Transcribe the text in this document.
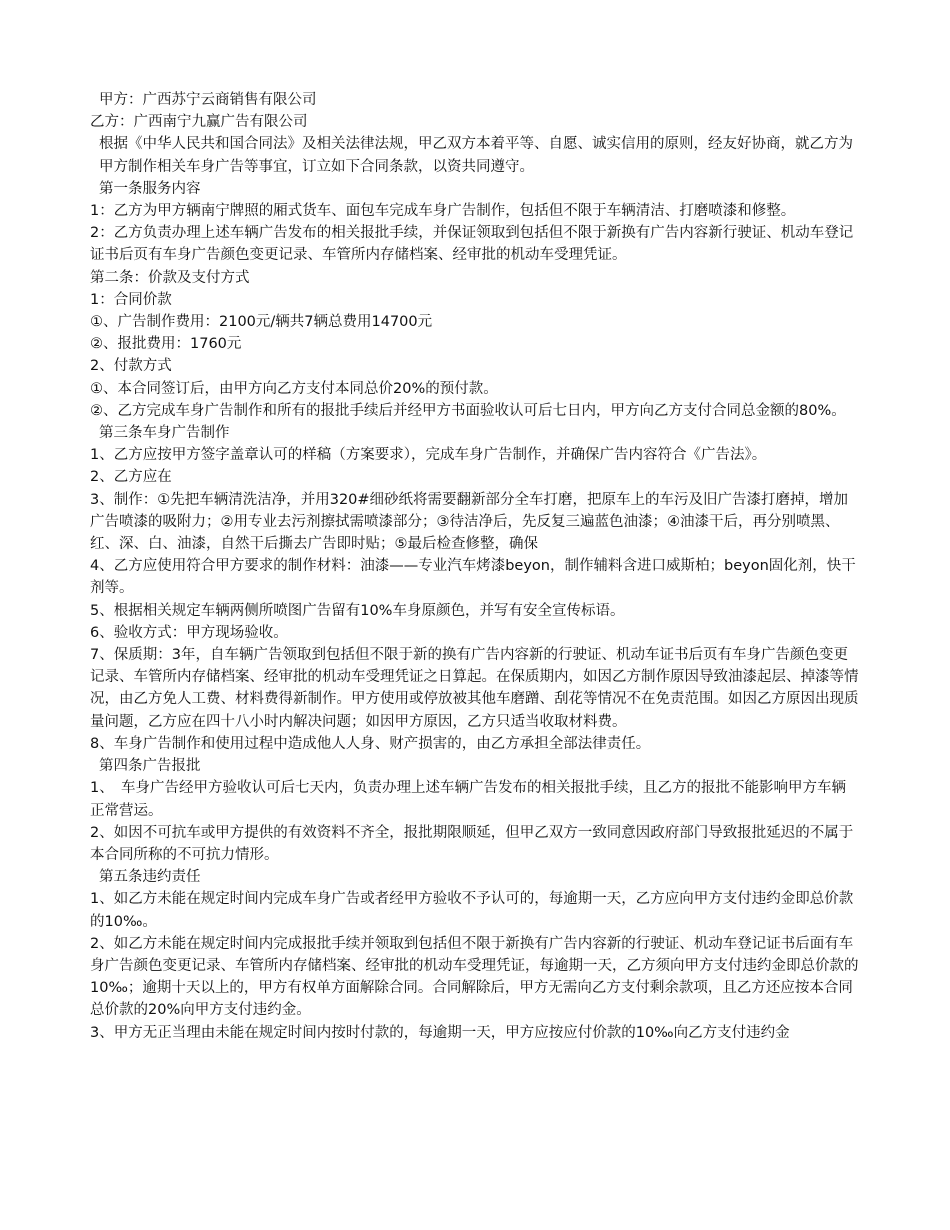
甲方：广西苏宁云商销售有限公司

乙方：广西南宁九赢广告有限公司

根据《中华人民共和国合同法》及相关法律法规，甲乙双方本着平等、自愿、诚实信用的原则，经友好协商，就乙方为甲方制作相关车身广告等事宜，订立如下合同条款，以资共同遵守。

第一条服务内容

1：乙方为甲方辆南宁牌照的厢式货车、面包车完成车身广告制作，包括但不限于车辆清洁、打磨喷漆和修整。

2：乙方负责办理上述车辆广告发布的相关报批手续，并保证领取到包括但不限于新换有广告内容新行驶证、机动车登记证书后页有车身广告颜色变更记录、车管所内存储档案、经审批的机动车受理凭证。

第二条：价款及支付方式

1：合同价款

①、广告制作费用：2100元/辆共7辆总费用14700元

②、报批费用：1760元

2、付款方式

①、本合同签订后，由甲方向乙方支付本同总价20%的预付款。

②、乙方完成车身广告制作和所有的报批手续后并经甲方书面验收认可后七日内，甲方向乙方支付合同总金额的80%。

第三条车身广告制作

1、乙方应按甲方签字盖章认可的样稿（方案要求），完成车身广告制作，并确保广告内容符合《广告法》。

2、乙方应在

3、制作：①先把车辆清洗洁净，并用320#细砂纸将需要翻新部分全车打磨，把原车上的车污及旧广告漆打磨掉，增加广告喷漆的吸附力；②用专业去污剂擦拭需喷漆部分；③待洁净后，先反复三遍蓝色油漆；④油漆干后，再分别喷黑、红、深、白、油漆，自然干后撕去广告即时贴；⑤最后检查修整，确保

4、乙方应使用符合甲方要求的制作材料：油漆——专业汽车烤漆beyon，制作辅料含进口威斯柏；beyon固化剂，快干剂等。

5、根据相关规定车辆两侧所喷图广告留有10%车身原颜色，并写有安全宣传标语。

6、验收方式：甲方现场验收。

7、保质期：3年，自车辆广告领取到包括但不限于新的换有广告内容新的行驶证、机动车证书后页有车身广告颜色变更记录、车管所内存储档案、经审批的机动车受理凭证之日算起。在保质期内，如因乙方制作原因导致油漆起层、掉漆等情况，由乙方免人工费、材料费得新制作。甲方使用或停放被其他车磨蹭、刮花等情况不在免责范围。如因乙方原因出现质量问题，乙方应在四十八小时内解决问题；如因甲方原因，乙方只适当收取材料费。

8、车身广告制作和使用过程中造成他人人身、财产损害的，由乙方承担全部法律责任。

第四条广告报批

1、　车身广告经甲方验收认可后七天内，负责办理上述车辆广告发布的相关报批手续，且乙方的报批不能影响甲方车辆正常营运。

2、如因不可抗车或甲方提供的有效资料不齐全，报批期限顺延，但甲乙双方一致同意因政府部门导致报批延迟的不属于本合同所称的不可抗力情形。

第五条违约责任

1、如乙方未能在规定时间内完成车身广告或者经甲方验收不予认可的，每逾期一天，乙方应向甲方支付违约金即总价款的10‰。

2、如乙方未能在规定时间内完成报批手续并领取到包括但不限于新换有广告内容新的行驶证、机动车登记证书后面有车身广告颜色变更记录、车管所内存储档案、经审批的机动车受理凭证，每逾期一天，乙方须向甲方支付违约金即总价款的10‰；逾期十天以上的，甲方有权单方面解除合同。合同解除后，甲方无需向乙方支付剩余款项，且乙方还应按本合同总价款的20%向甲方支付违约金。

3、甲方无正当理由未能在规定时间内按时付款的，每逾期一天，甲方应按应付价款的10‰向乙方支付违约金
